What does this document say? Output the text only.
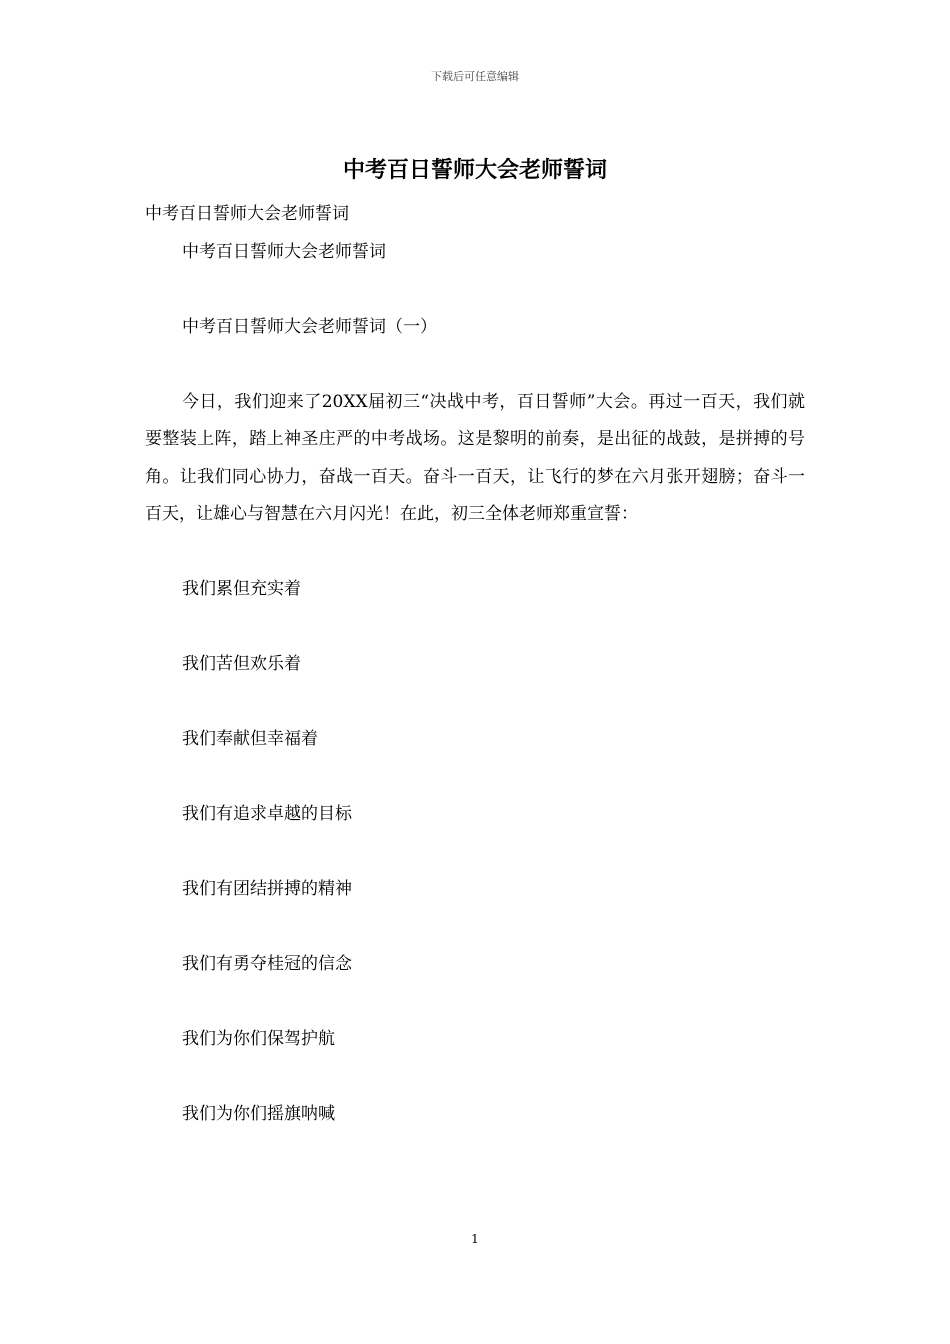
下载后可任意编辑
中考百日誓师大会老师誓词

中考百日誓师大会老师誓词

中考百日誓师大会老师誓词

中考百日誓师大会老师誓词（一）

今日，我们迎来了20XX届初三“决战中考，百日誓师”大会。再过一百天，我们就要整装上阵，踏上神圣庄严的中考战场。这是黎明的前奏，是出征的战鼓，是拼搏的号角。让我们同心协力，奋战一百天。奋斗一百天，让飞行的梦在六月张开翅膀；奋斗一百天，让雄心与智慧在六月闪光！在此，初三全体老师郑重宣誓：

我们累但充实着

我们苦但欢乐着

我们奉献但幸福着

我们有追求卓越的目标

我们有团结拼搏的精神

我们有勇夺桂冠的信念

我们为你们保驾护航

我们为你们摇旗呐喊

1
